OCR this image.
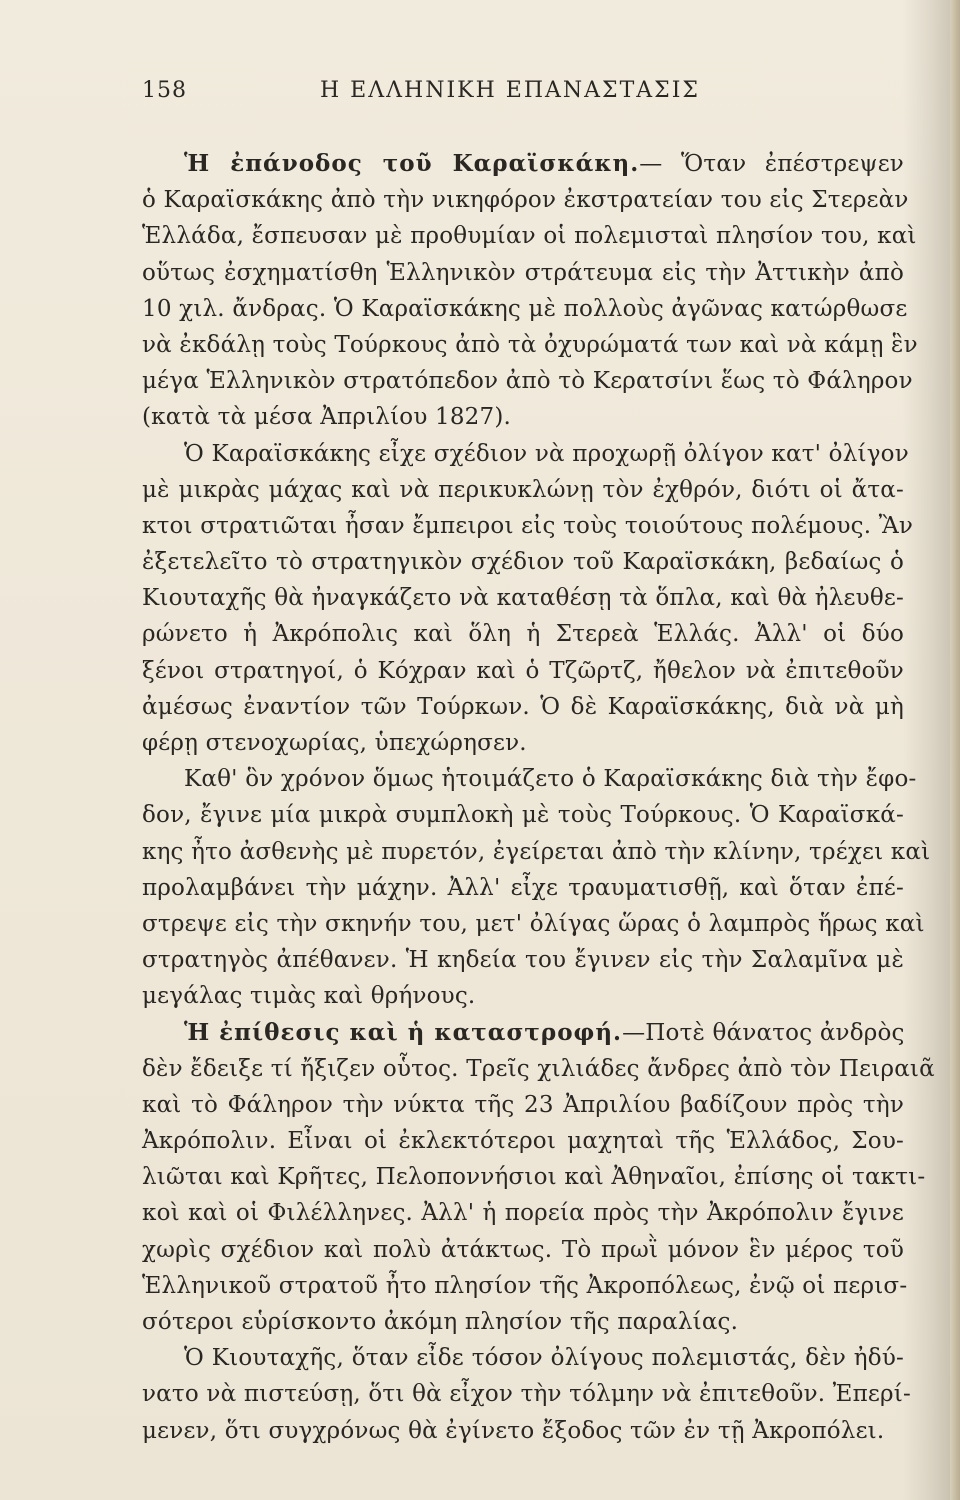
158	Η ΕΛΛΗΝΙΚΗ ΕΠΑΝΑΣΤΑΣΙΣ
Ἡ ἐπάνοδος τοῦ Καραϊσκάκη.— Ὅταν ἐπέστρεψεν
ὁ Καραϊσκάκης ἀπὸ τὴν νικηφόρον ἐκστρατείαν του εἰς Στερεὰν
Ἑλλάδα, ἔσπευσαν μὲ προθυμίαν οἱ πολεμισταὶ πλησίον του, καὶ
οὕτως ἐσχηματίσθη Ἑλληνικὸν στράτευμα εἰς τὴν Ἀττικὴν ἀπὸ
10 χιλ. ἄνδρας. Ὁ Καραϊσκάκης μὲ πολλοὺς ἀγῶνας κατώρθωσε
νὰ ἐκδάλῃ τοὺς Τούρκους ἀπὸ τὰ ὀχυρώματά των καὶ νὰ κάμῃ ἓν
μέγα Ἑλληνικὸν στρατόπεδον ἀπὸ τὸ Κερατσίνι ἕως τὸ Φάληρον
(κατὰ τὰ μέσα Ἀπριλίου 1827).
Ὁ Καραϊσκάκης εἶχε σχέδιον νὰ προχωρῇ ὀλίγον κατ' ὀλίγον
μὲ μικρὰς μάχας καὶ νὰ περικυκλώνῃ τὸν ἐχθρόν, διότι οἱ ἄτα-
κτοι στρατιῶται ἦσαν ἔμπειροι εἰς τοὺς τοιούτους πολέμους. Ἂν
ἐξετελεῖτο τὸ στρατηγικὸν σχέδιον τοῦ Καραϊσκάκη, βεδαίως ὁ
Κιουταχῆς θὰ ἠναγκάζετο νὰ καταθέσῃ τὰ ὅπλα, καὶ θὰ ἠλευθε-
ρώνετο ἡ Ἀκρόπολις καὶ ὅλη ἡ Στερεὰ Ἑλλάς. Ἀλλ' οἱ δύο
ξένοι στρατηγοί, ὁ Κόχραν καὶ ὁ Τζῶρτζ, ἤθελον νὰ ἐπιτεθοῦν
ἀμέσως ἐναντίον τῶν Τούρκων. Ὁ δὲ Καραϊσκάκης, διὰ νὰ μὴ
φέρῃ στενοχωρίας, ὑπεχώρησεν.
Καθ' ὃν χρόνον ὅμως ἡτοιμάζετο ὁ Καραϊσκάκης διὰ τὴν ἔφο-
δον, ἔγινε μία μικρὰ συμπλοκὴ μὲ τοὺς Τούρκους. Ὁ Καραϊσκά-
κης ἦτο ἀσθενὴς μὲ πυρετόν, ἐγείρεται ἀπὸ τὴν κλίνην, τρέχει καὶ
προλαμβάνει τὴν μάχην. Ἀλλ' εἶχε τραυματισθῇ, καὶ ὅταν ἐπέ-
στρεψε εἰς τὴν σκηνήν του, μετ' ὀλίγας ὥρας ὁ λαμπρὸς ἥρως καὶ
στρατηγὸς ἀπέθανεν. Ἡ κηδεία του ἔγινεν εἰς τὴν Σαλαμῖνα μὲ
μεγάλας τιμὰς καὶ θρήνους.
Ἡ ἐπίθεσις καὶ ἡ καταστροφή.—Ποτὲ θάνατος ἀνδρὸς
δὲν ἔδειξε τί ἤξιζεν οὗτος. Τρεῖς χιλιάδες ἄνδρες ἀπὸ τὸν Πειραιᾶ
καὶ τὸ Φάληρον τὴν νύκτα τῆς 23 Ἀπριλίου βαδίζουν πρὸς τὴν
Ἀκρόπολιν. Εἶναι οἱ ἐκλεκτότεροι μαχηταὶ τῆς Ἑλλάδος, Σου-
λιῶται καὶ Κρῆτες, Πελοποννήσιοι καὶ Ἀθηναῖοι, ἐπίσης οἱ τακτι-
κοὶ καὶ οἱ Φιλέλληνες. Ἀλλ' ἡ πορεία πρὸς τὴν Ἀκρόπολιν ἔγινε
χωρὶς σχέδιον καὶ πολὺ ἀτάκτως. Τὸ πρωῒ μόνον ἓν μέρος τοῦ
Ἑλληνικοῦ στρατοῦ ἦτο πλησίον τῆς Ἀκροπόλεως, ἐνῷ οἱ περισ-
σότεροι εὑρίσκοντο ἀκόμη πλησίον τῆς παραλίας.
Ὁ Κιουταχῆς, ὅταν εἶδε τόσον ὀλίγους πολεμιστάς, δὲν ἠδύ-
νατο νὰ πιστεύσῃ, ὅτι θὰ εἶχον τὴν τόλμην νὰ ἐπιτεθοῦν. Ἐπερί-
μενεν, ὅτι συγχρόνως θὰ ἐγίνετο ἔξοδος τῶν ἐν τῇ Ἀκροπόλει.
